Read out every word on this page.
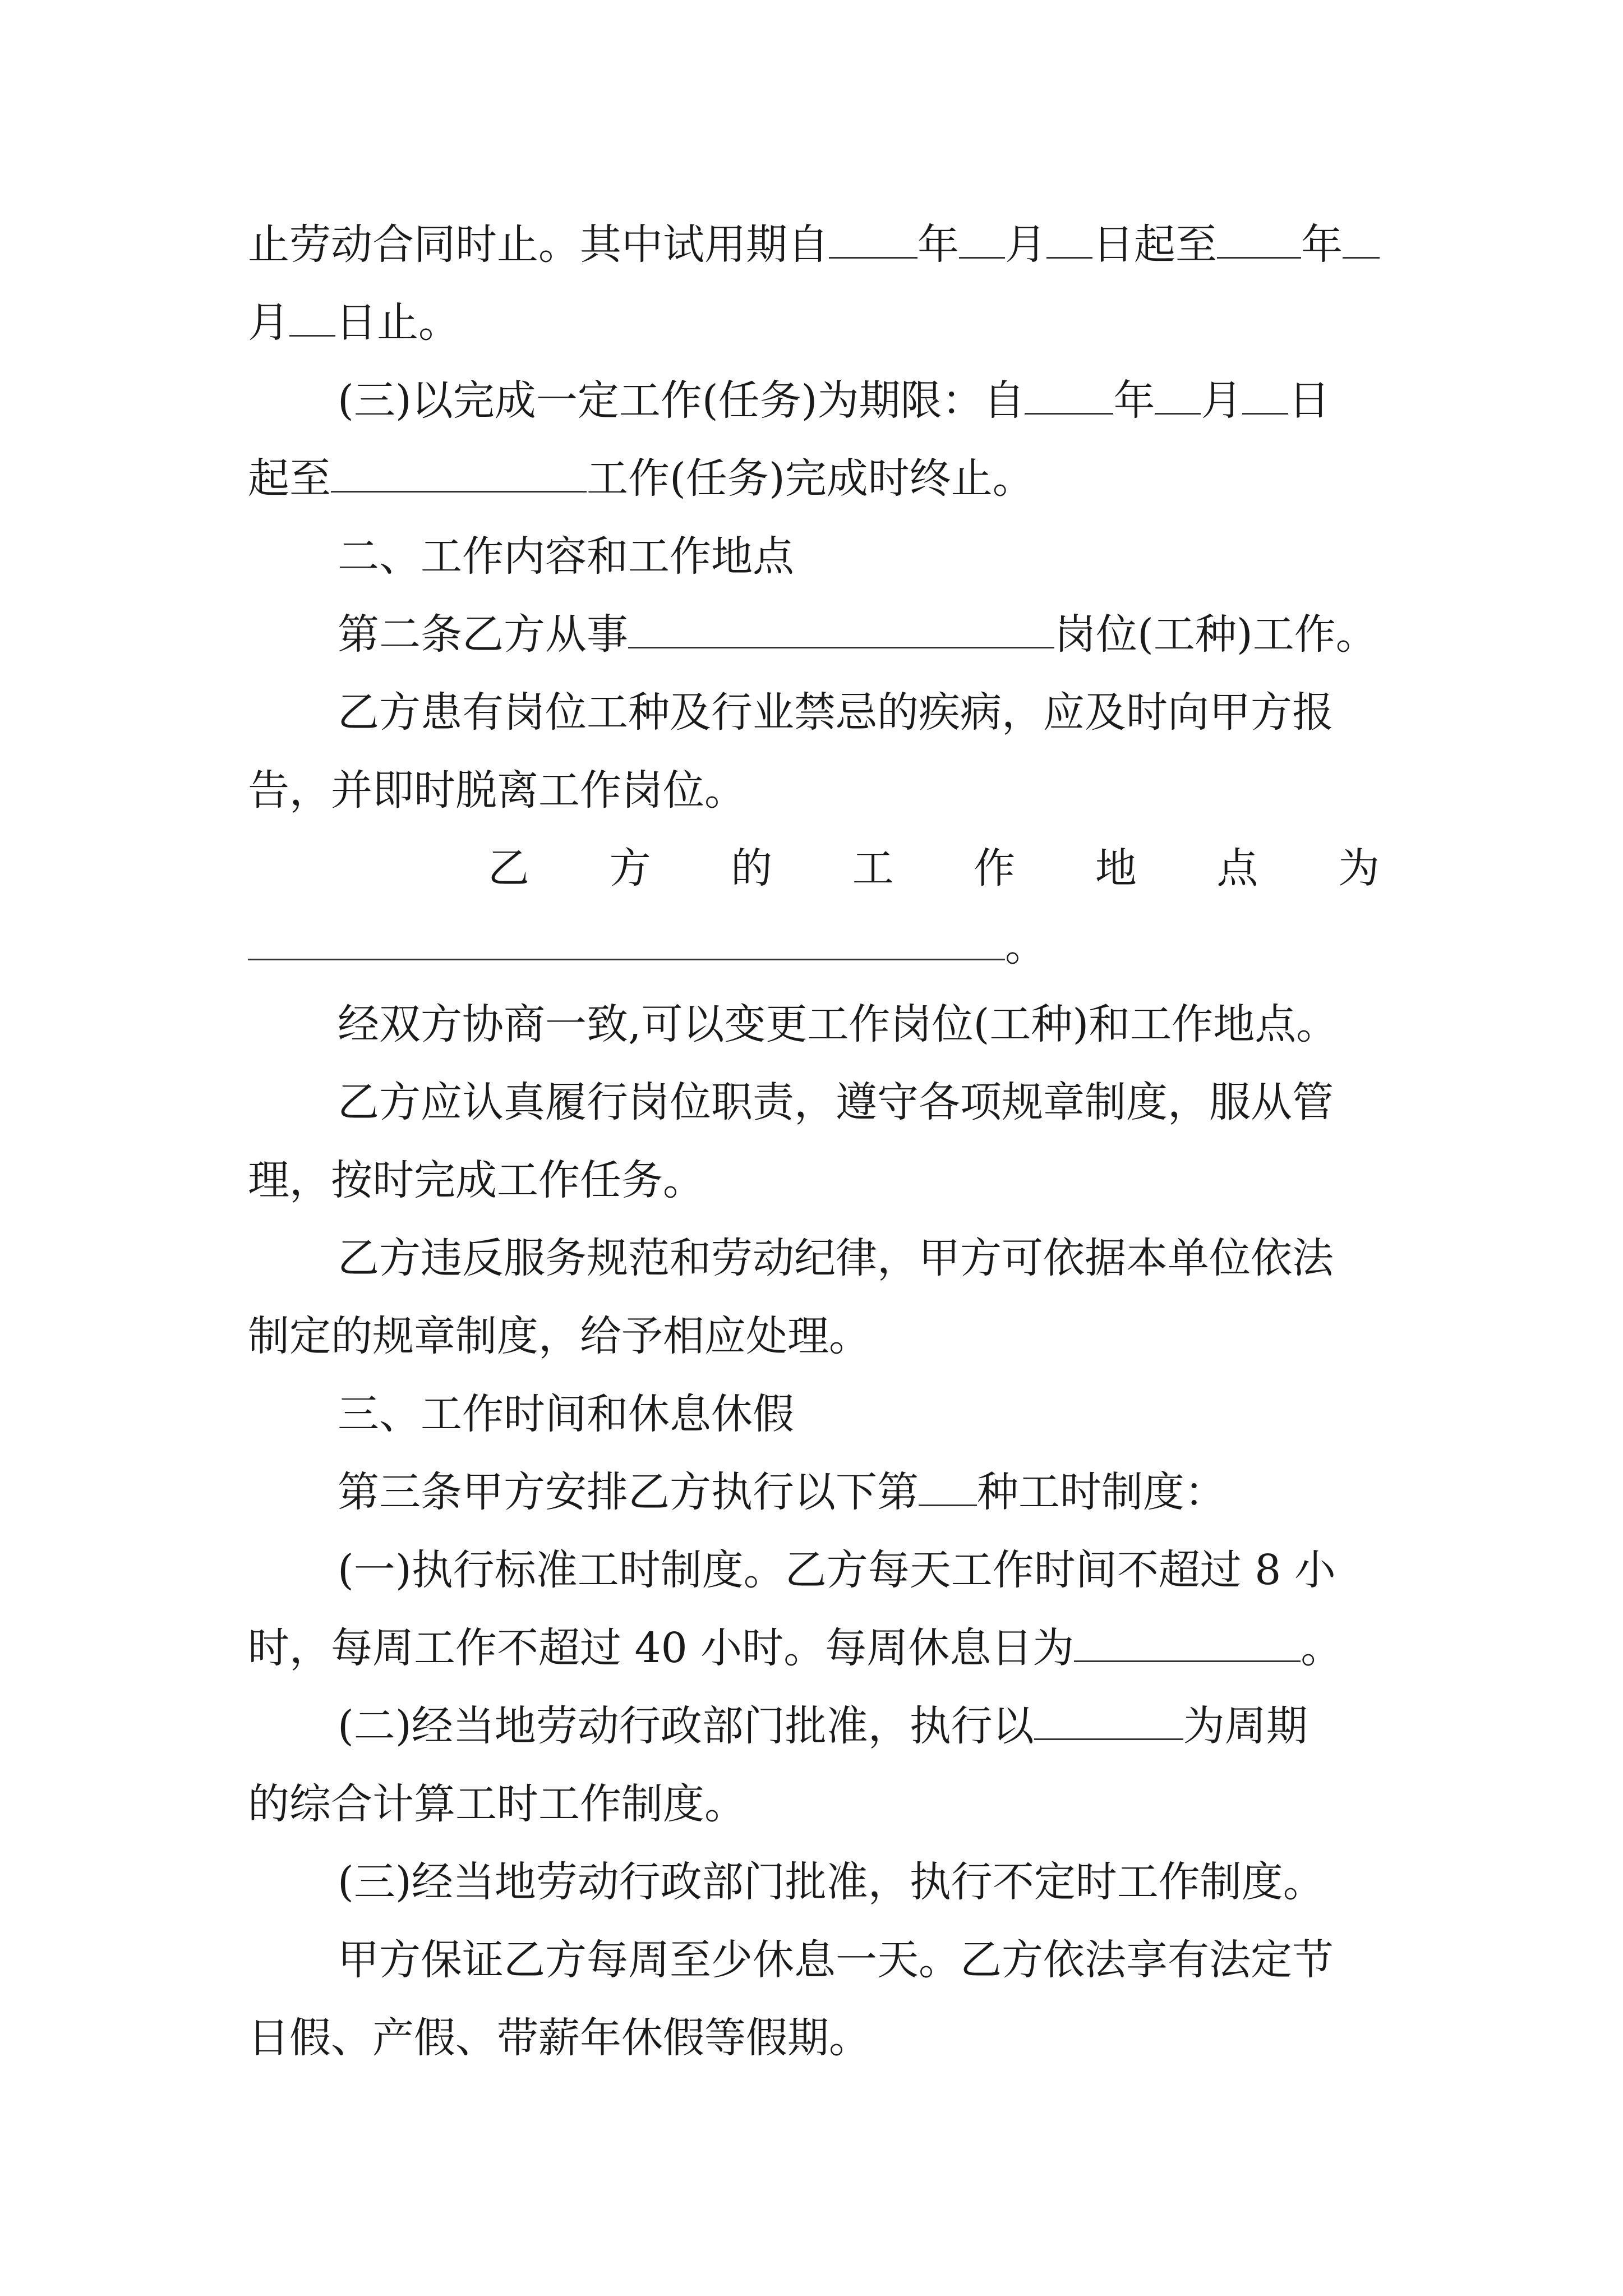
止劳动合同时止。其中试用期自 年 月 日起至 年
月 日止。
(三)以完成一定工作(任务)为期限：自 年 月 日
起至	工作(任务)完成时终止。
二、工作内容和工作地点
第二条乙方从事	岗位(工种)工作。
乙方患有岗位工种及行业禁忌的疾病，应及时向甲方报
告，并即时脱离工作岗位。
乙 方 的 工 作 地 点 为
。
经双方协商一致,可以变更工作岗位(工种)和工作地点。
乙方应认真履行岗位职责，遵守各项规章制度，服从管
理，按时完成工作任务。
乙方违反服务规范和劳动纪律，甲方可依据本单位依法
制定的规章制度，给予相应处理。
三、工作时间和休息休假
第三条甲方安排乙方执行以下第 种工时制度：
(一)执行标准工时制度。乙方每天工作时间不超过 8 小
时，每周工作不超过 40 小时。每周休息日为	。
(二)经当地劳动行政部门批准，执行以	为周期
的综合计算工时工作制度。
(三)经当地劳动行政部门批准，执行不定时工作制度。
甲方保证乙方每周至少休息一天。乙方依法享有法定节
日假、产假、带薪年休假等假期。
